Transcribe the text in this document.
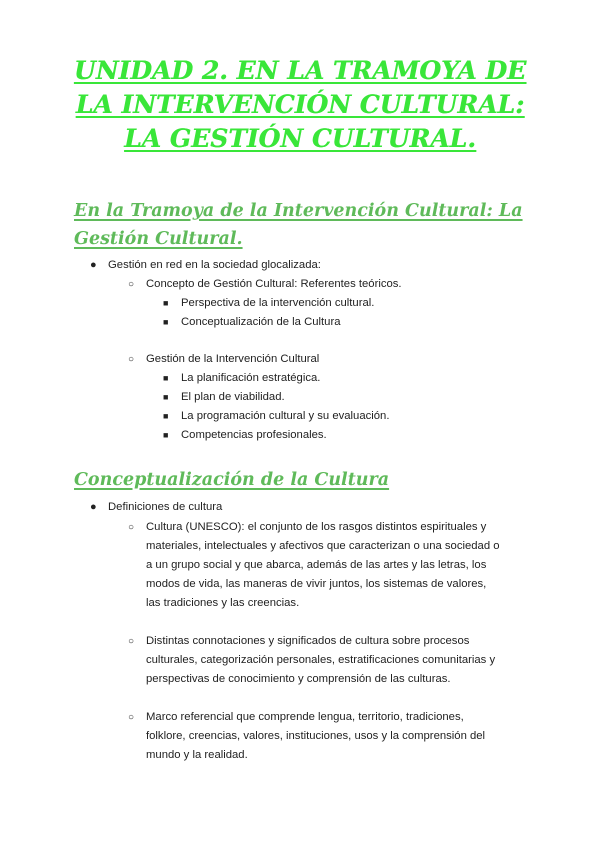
UNIDAD 2. EN LA TRAMOYA DE LA INTERVENCIÓN CULTURAL: LA GESTIÓN CULTURAL.
En la Tramoya de la Intervención Cultural: La Gestión Cultural.
● Gestión en red en la sociedad glocalizada:
○ Concepto de Gestión Cultural: Referentes teóricos.
■ Perspectiva de la intervención cultural.
■ Conceptualización de la Cultura
○ Gestión de la Intervención Cultural
■ La planificación estratégica.
■ El plan de viabilidad.
■ La programación cultural y su evaluación.
■ Competencias profesionales.
Conceptualización de la Cultura
● Definiciones de cultura
○ Cultura (UNESCO): el conjunto de los rasgos distintos espirituales y
materiales, intelectuales y afectivos que caracterizan o una sociedad o
a un grupo social y que abarca, además de las artes y las letras, los
modos de vida, las maneras de vivir juntos, los sistemas de valores,
las tradiciones y las creencias.
○ Distintas connotaciones y significados de cultura sobre procesos
culturales, categorización personales, estratificaciones comunitarias y
perspectivas de conocimiento y comprensión de las culturas.
○ Marco referencial que comprende lengua, territorio, tradiciones,
folklore, creencias, valores, instituciones, usos y la comprensión del
mundo y la realidad.
